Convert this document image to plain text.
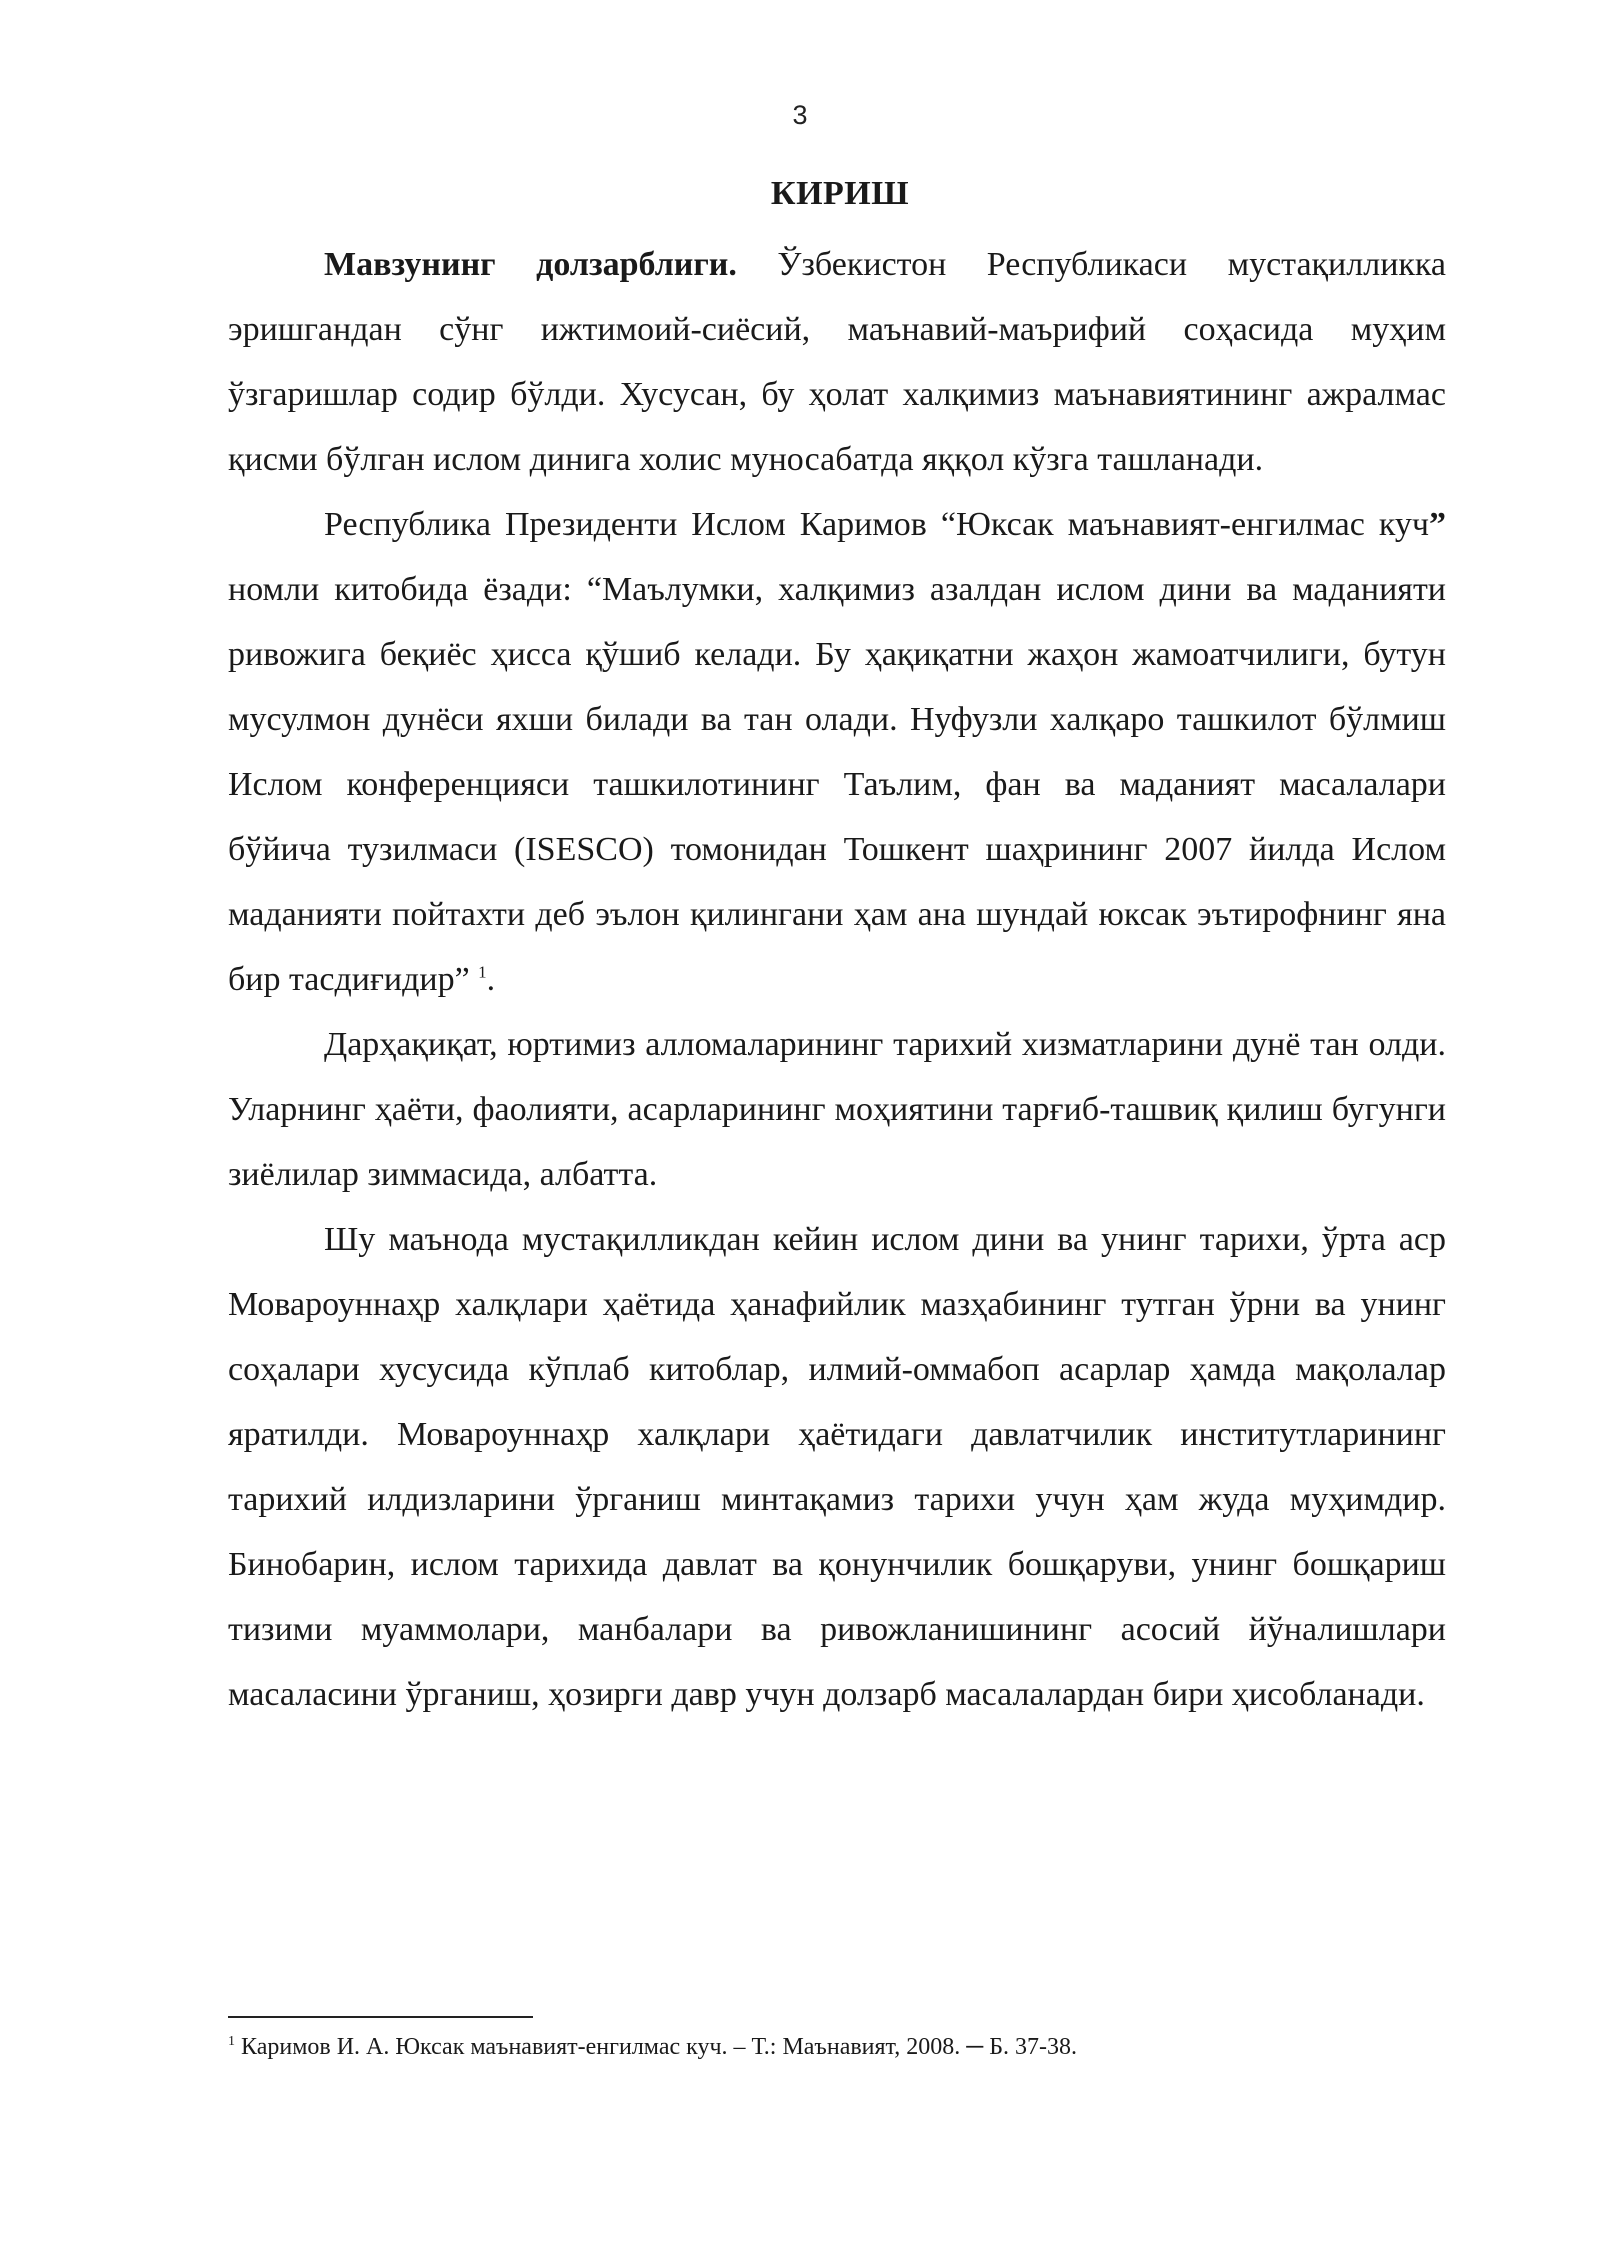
3
КИРИШ

Мавзунинг долзарблиги. Ўзбекистон Республикаси мустақилликка эришгандан сўнг ижтимоий-сиёсий, маънавий-маърифий соҳасида муҳим ўзгаришлар содир бўлди. Хусусан, бу ҳолат халқимиз маънавиятининг ажралмас қисми бўлган ислом динига холис муносабатда яққол кўзга ташланади.

Республика Президенти Ислом Каримов “Юксак маънавият-енгилмас куч” номли китобида ёзади: “Маълумки, халқимиз азалдан ислом дини ва маданияти ривожига беқиёс ҳисса қўшиб келади. Бу ҳақиқатни жаҳон жамоатчилиги, бутун мусулмон дунёси яхши билади ва тан олади. Нуфузли халқаро ташкилот бўлмиш Ислом конференцияси ташкилотининг Таълим, фан ва маданият масалалари бўйича тузилмаси (ISESCO) томонидан Тошкент шаҳрининг 2007 йилда Ислом маданияти пойтахти деб эълон қилингани ҳам ана шундай юксак эътирофнинг яна бир тасдиғидир” $^1$.

Дарҳақиқат, юртимиз алломаларининг тарихий хизматларини дунё тан олди. Уларнинг ҳаёти, фаолияти, асарларининг моҳиятини тарғиб-ташвиқ қилиш бугунги зиёлилар зиммасида, албатта.

Шу маънода мустақилликдан кейин ислом дини ва унинг тарихи, ўрта аср Мовароуннаҳр халқлари ҳаётида ҳанафийлик мазҳабининг тутган ўрни ва унинг соҳалари хусусида кўплаб китоблар, илмий-оммабоп асарлар ҳамда мақолалар яратилди. Мовароуннаҳр халқлари ҳаётидаги давлатчилик институтларининг тарихий илдизларини ўрганиш минтақамиз тарихи учун ҳам жуда муҳимдир. Бинобарин, ислом тарихида давлат ва қонунчилик бошқаруви, унинг бошқариш тизими муаммолари, манбалари ва ривожланишининг асосий йўналишлари масаласини ўрганиш, ҳозирги давр учун долзарб масалалардан бири ҳисобланади.

$^1$ Каримов И. А. Юксак маънавият‑енгилмас куч. – Т.: Маънавият, 2008. ─ Б. 37-38.
